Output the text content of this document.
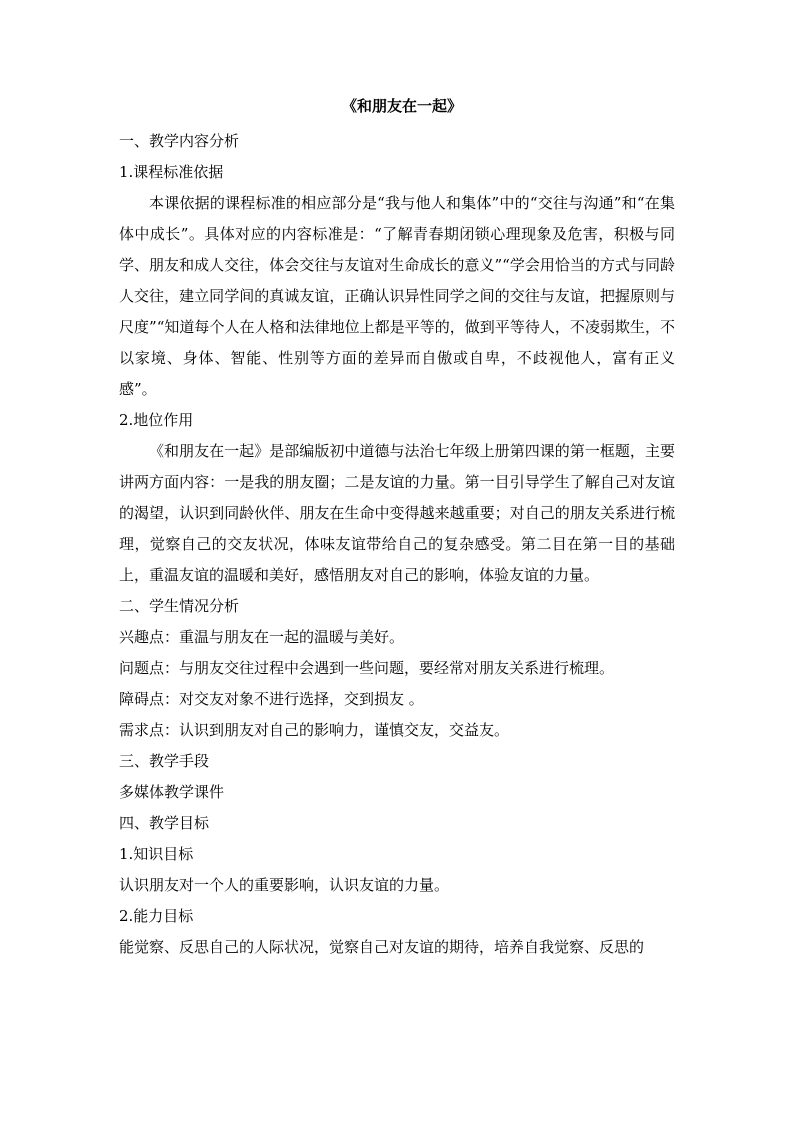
《和朋友在一起》

一、教学内容分析

1.课程标准依据

本课依据的课程标准的相应部分是“我与他人和集体”中的“交往与沟通”和“在集体中成长”。具体对应的内容标准是：“了解青春期闭锁心理现象及危害，积极与同学、朋友和成人交往，体会交往与友谊对生命成长的意义”“学会用恰当的方式与同龄人交往，建立同学间的真诚友谊，正确认识异性同学之间的交往与友谊，把握原则与尺度”“知道每个人在人格和法律地位上都是平等的，做到平等待人，不凌弱欺生，不以家境、身体、智能、性别等方面的差异而自傲或自卑，不歧视他人，富有正义感”。

2.地位作用

《和朋友在一起》是部编版初中道德与法治七年级上册第四课的第一框题，主要讲两方面内容：一是我的朋友圈；二是友谊的力量。第一目引导学生了解自己对友谊的渴望，认识到同龄伙伴、朋友在生命中变得越来越重要；对自己的朋友关系进行梳理，觉察自己的交友状况，体味友谊带给自己的复杂感受。第二目在第一目的基础上，重温友谊的温暖和美好，感悟朋友对自己的影响，体验友谊的力量。

二、学生情况分析

兴趣点：重温与朋友在一起的温暖与美好。

问题点：与朋友交往过程中会遇到一些问题，要经常对朋友关系进行梳理。

障碍点：对交友对象不进行选择，交到损友 。

需求点：认识到朋友对自己的影响力，谨慎交友，交益友。

三、教学手段

多媒体教学课件

四、教学目标

1.知识目标

认识朋友对一个人的重要影响，认识友谊的力量。

2.能力目标

能觉察、反思自己的人际状况，觉察自己对友谊的期待，培养自我觉察、反思的
